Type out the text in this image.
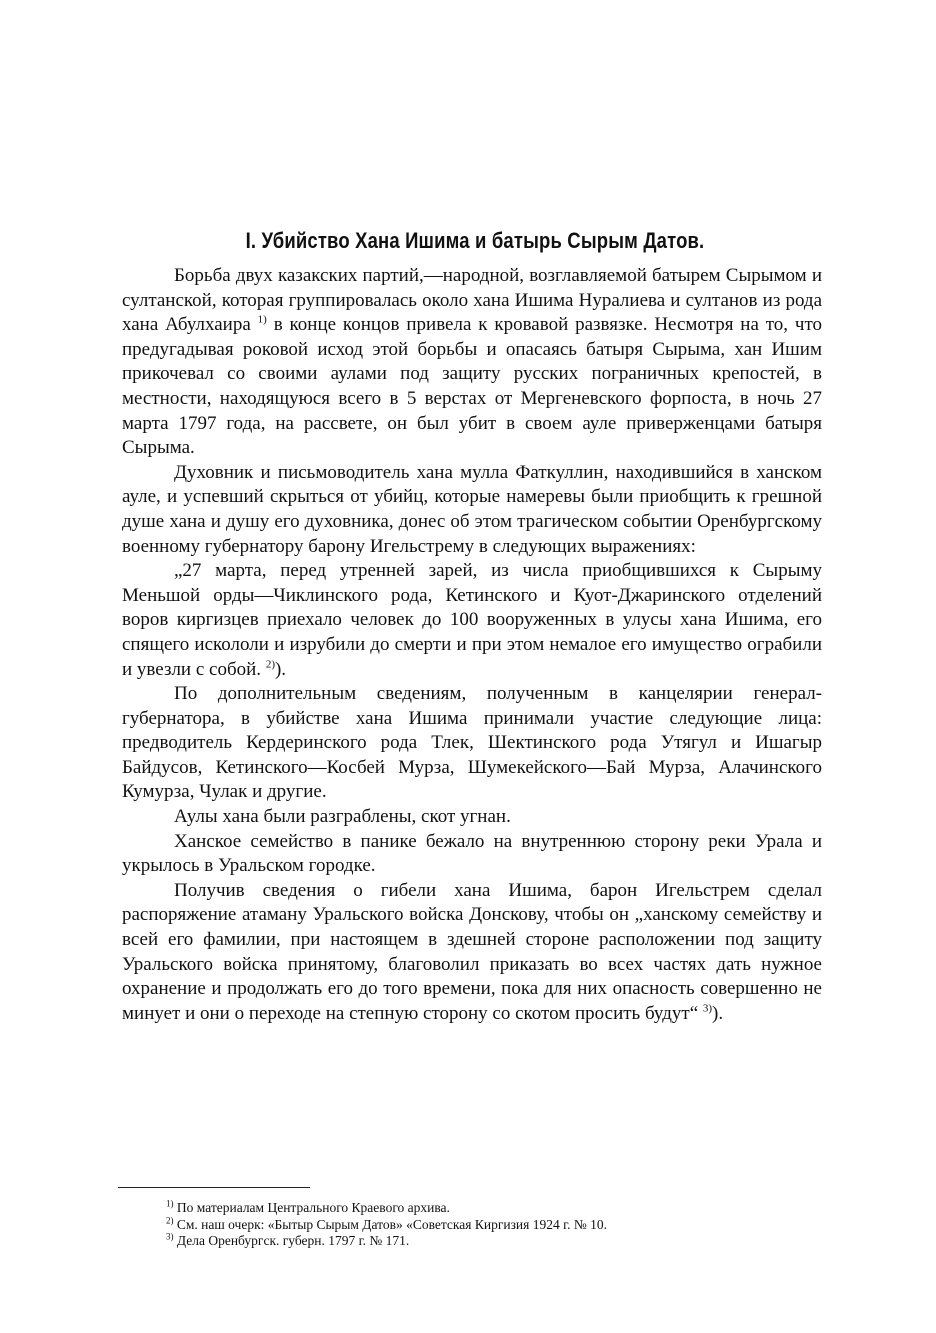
I. Убийство Хана Ишима и батырь Сырым Датов.

Борьба двух казакских партий,—народной, возглавляемой батырем Сырымом и султанской, которая группировалась около хана Ишима Нуралиева и султанов из рода хана Абулхаира $^{1)}$ в конце концов привела к кровавой развязке. Несмотря на то, что предугадывая роковой исход этой борьбы и опасаясь батыря Сырыма, хан Ишим прикочевал со своими аулами под защиту русских пограничных крепостей, в местности, находящуюся всего в 5 верстах от Мергеневского форпоста, в ночь 27 марта 1797 года, на рассвете, он был убит в своем ауле приверженцами батыря Сырыма.

Духовник и письмоводитель хана мулла Фаткуллин, находившийся в ханском ауле, и успевший скрыться от убийц, которые намеревы были приобщить к грешной душе хана и душу его духовника, донес об этом трагическом событии Оренбургскому военному губернатору барону Игельстрему в следующих выражениях:

„27 марта, перед утренней зарей, из числа приобщившихся к Сырыму Меньшой орды—Чиклинского рода, Кетинского и Куот-Джаринского отделений воров киргизцев приехало человек до 100 вооруженных в улусы хана Ишима, его спящего искололи и изрубили до смерти и при этом немалое его имущество ограбили и увезли с собой. $^{2)}$).

По дополнительным сведениям, полученным в канцелярии генерал-губернатора, в убийстве хана Ишима принимали участие следующие лица: предводитель Кердеринского рода Тлек, Шектинского рода Утягул и Ишагыр Байдусов, Кетинского—Косбей Мурза, Шумекейского—Бай Мурза, Алачинского Кумурза, Чулак и другие.

Аулы хана были разграблены, скот угнан.

Ханское семейство в панике бежало на внутреннюю сторону реки Урала и укрылось в Уральском городке.

Получив сведения о гибели хана Ишима, барон Игельстрем сделал распоряжение атаману Уральского войска Донскову, чтобы он „ханскому семейству и всей его фамилии, при настоящем в здешней стороне расположении под защиту Уральского войска принятому, благоволил приказать во всех частях дать нужное охранение и продолжать его до того времени, пока для них опасность совершенно не минует и они о переходе на степную сторону со скотом просить будут“ $^{3)}$).

$^{1)}$ По материалам Центрального Краевого архива.
$^{2)}$ См. наш очерк: «Бытыр Сырым Датов» «Советская Киргизия 1924 г. № 10.
$^{3)}$ Дела Оренбургск. губерн. 1797 г. № 171.
